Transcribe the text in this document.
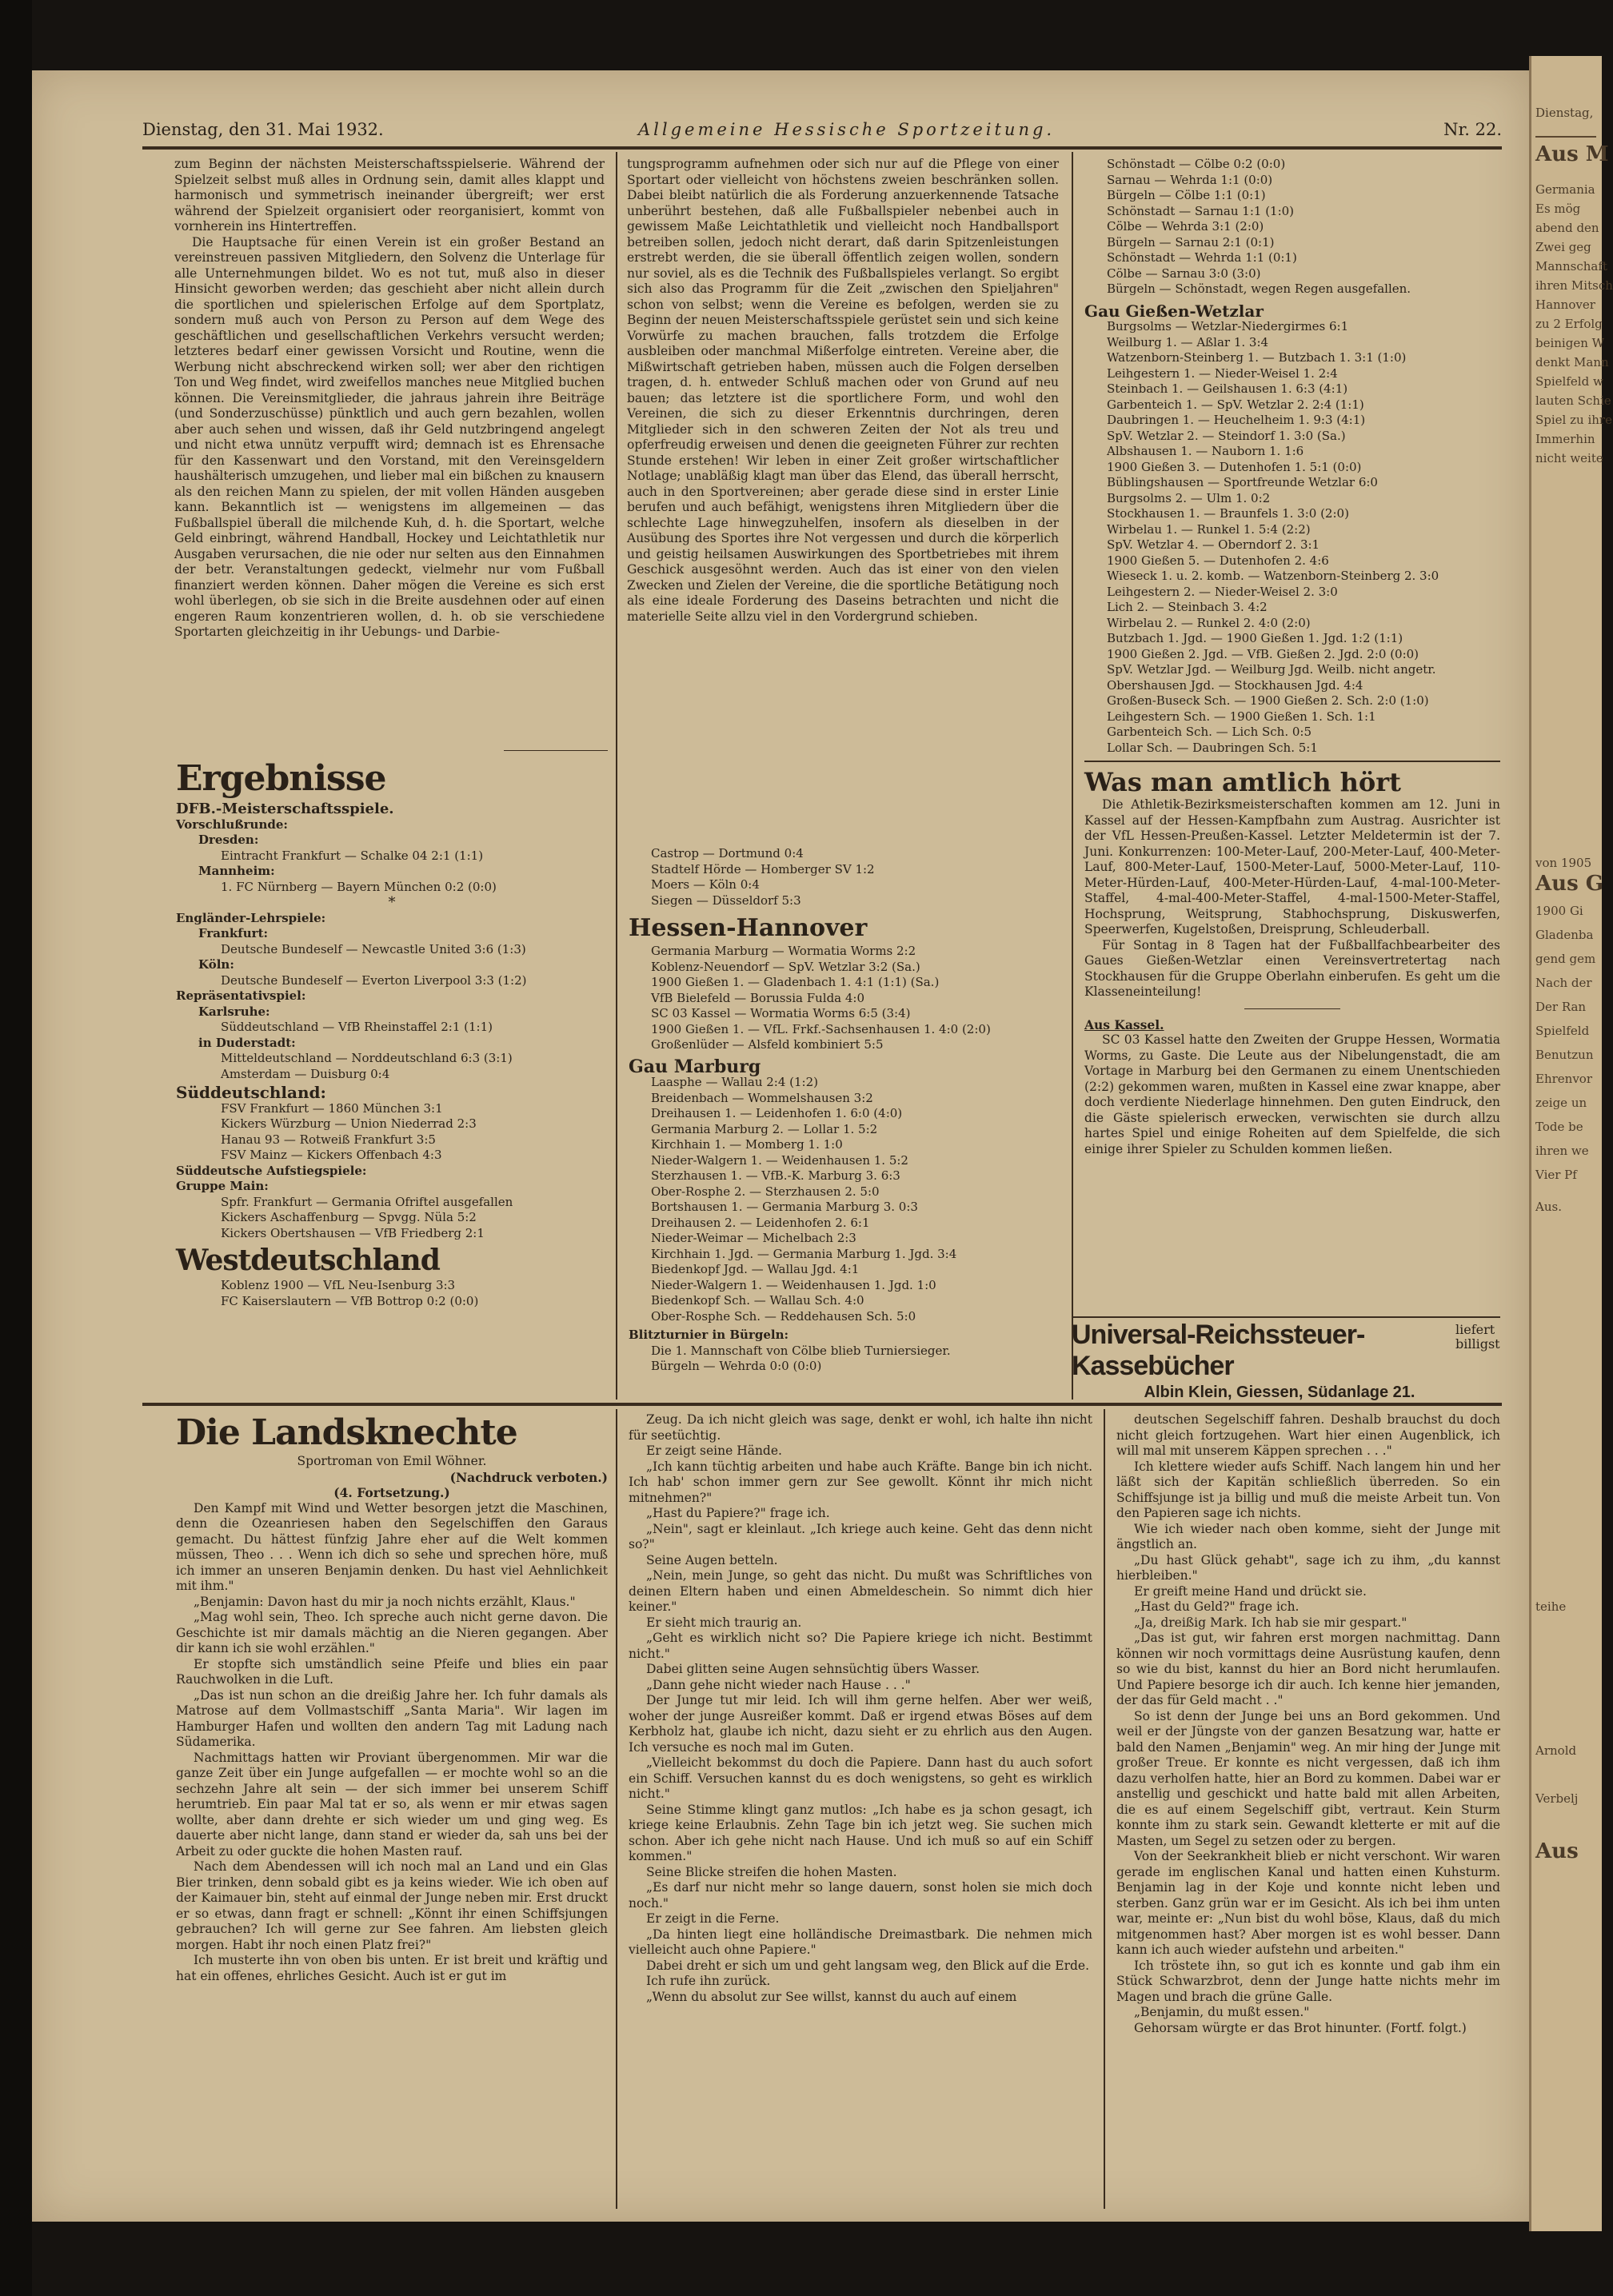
Dienstag,
Aus M
Germania
Es mög
abend den
Zwei geg
Mannschaft
ihren Mitsch
Hannover
zu 2 Erfolg
beinigen W
denkt Mann
Spielfeld w
lauten Schie
Spiel zu ihre
Immerhin
nicht weite
von 1905
Aus G
1900 Gi
Gladenba
gend gem
Nach der
Der Ran
Spielfeld
Benutzun
Ehrenvor
zeige un
Tode be
ihren we
Vier Pf
Aus.
teihe
Arnold
Verbelj
Aus
Dienstag, den 31. Mai 1932.	Allgemeine Hessische Sportzeitung.	Nr. 22.

zum Beginn der nächsten Meisterschaftsspielserie. Während der Spielzeit selbst muß alles in Ordnung sein, damit alles klappt und harmonisch und symmetrisch ineinander übergreift; wer erst während der Spielzeit organisiert oder reorganisiert, kommt von vornherein ins Hintertreffen.

Die Hauptsache für einen Verein ist ein großer Bestand an vereinstreuen passiven Mitgliedern, den Solvenz die Unterlage für alle Unternehmungen bildet. Wo es not tut, muß also in dieser Hinsicht geworben werden; das geschieht aber nicht allein durch die sportlichen und spielerischen Erfolge auf dem Sportplatz, sondern muß auch von Person zu Person auf dem Wege des geschäftlichen und gesellschaftlichen Verkehrs versucht werden; letzteres bedarf einer gewissen Vorsicht und Routine, wenn die Werbung nicht abschreckend wirken soll; wer aber den richtigen Ton und Weg findet, wird zweifellos manches neue Mitglied buchen können. Die Vereinsmitglieder, die jahraus jahrein ihre Beiträge (und Sonderzuschüsse) pünktlich und auch gern bezahlen, wollen aber auch sehen und wissen, daß ihr Geld nutzbringend angelegt und nicht etwa unnütz verpufft wird; demnach ist es Ehrensache für den Kassenwart und den Vorstand, mit den Vereinsgeldern haushälterisch umzugehen, und lieber mal ein bißchen zu knausern als den reichen Mann zu spielen, der mit vollen Händen ausgeben kann. Bekanntlich ist — wenigstens im allgemeinen — das Fußballspiel überall die milchende Kuh, d. h. die Sportart, welche Geld einbringt, während Handball, Hockey und Leichtathletik nur Ausgaben verursachen, die nie oder nur selten aus den Einnahmen der betr. Veranstaltungen gedeckt, vielmehr nur vom Fußball finanziert werden können. Daher mögen die Vereine es sich erst wohl überlegen, ob sie sich in die Breite ausdehnen oder auf einen engeren Raum konzentrieren wollen, d. h. ob sie verschiedene Sportarten gleichzeitig in ihr Uebungs- und Darbie-

tungsprogramm aufnehmen oder sich nur auf die Pflege von einer Sportart oder vielleicht von höchstens zweien beschränken sollen. Dabei bleibt natürlich die als Forderung anzuerkennende Tatsache unberührt bestehen, daß alle Fußballspieler nebenbei auch in gewissem Maße Leichtathletik und vielleicht noch Handballsport betreiben sollen, jedoch nicht derart, daß darin Spitzenleistungen erstrebt werden, die sie überall öffentlich zeigen wollen, sondern nur soviel, als es die Technik des Fußballspieles verlangt. So ergibt sich also das Programm für die Zeit „zwischen den Spieljahren" schon von selbst; wenn die Vereine es befolgen, werden sie zu Beginn der neuen Meisterschaftsspiele gerüstet sein und sich keine Vorwürfe zu machen brauchen, falls trotzdem die Erfolge ausbleiben oder manchmal Mißerfolge eintreten. Vereine aber, die Mißwirtschaft getrieben haben, müssen auch die Folgen derselben tragen, d. h. entweder Schluß machen oder von Grund auf neu bauen; das letztere ist die sportlichere Form, und wohl den Vereinen, die sich zu dieser Erkenntnis durchringen, deren Mitglieder sich in den schweren Zeiten der Not als treu und opferfreudig erweisen und denen die geeigneten Führer zur rechten Stunde erstehen! Wir leben in einer Zeit großer wirtschaftlicher Notlage; unabläßig klagt man über das Elend, das überall herrscht, auch in den Sportvereinen; aber gerade diese sind in erster Linie berufen und auch befähigt, wenigstens ihren Mitgliedern über die schlechte Lage hinwegzuhelfen, insofern als dieselben in der Ausübung des Sportes ihre Not vergessen und durch die körperlich und geistig heilsamen Auswirkungen des Sportbetriebes mit ihrem Geschick ausgesöhnt werden. Auch das ist einer von den vielen Zwecken und Zielen der Vereine, die die sportliche Betätigung noch als eine ideale Forderung des Daseins betrachten und nicht die materielle Seite allzu viel in den Vordergrund schieben.

Ergebnisse
DFB.-Meisterschaftsspiele.
Vorschlußrunde:
Dresden:
Eintracht Frankfurt — Schalke 04 2:1 (1:1)
Mannheim:
1. FC Nürnberg — Bayern München 0:2 (0:0)
*
Engländer-Lehrspiele:
Frankfurt:
Deutsche Bundeself — Newcastle United 3:6 (1:3)
Köln:
Deutsche Bundeself — Everton Liverpool 3:3 (1:2)
Repräsentativspiel:
Karlsruhe:
Süddeutschland — VfB Rheinstaffel 2:1 (1:1)
in Duderstadt:
Mitteldeutschland — Norddeutschland 6:3 (3:1)
Amsterdam — Duisburg 0:4
Süddeutschland:
FSV Frankfurt — 1860 München 3:1
Kickers Würzburg — Union Niederrad 2:3
Hanau 93 — Rotweiß Frankfurt 3:5
FSV Mainz — Kickers Offenbach 4:3
Süddeutsche Aufstiegspiele:
Gruppe Main:
Spfr. Frankfurt — Germania Ofriftel ausgefallen
Kickers Aschaffenburg — Spvgg. Nüla 5:2
Kickers Obertshausen — VfB Friedberg 2:1
Westdeutschland
Koblenz 1900 — VfL Neu-Isenburg 3:3
FC Kaiserslautern — VfB Bottrop 0:2 (0:0)
Castrop — Dortmund 0:4
Stadtelf Hörde — Homberger SV 1:2
Moers — Köln 0:4
Siegen — Düsseldorf 5:3
Hessen-Hannover
Germania Marburg — Wormatia Worms 2:2
Koblenz-Neuendorf — SpV. Wetzlar 3:2 (Sa.)
1900 Gießen 1. — Gladenbach 1. 4:1 (1:1) (Sa.)
VfB Bielefeld — Borussia Fulda 4:0
SC 03 Kassel — Wormatia Worms 6:5 (3:4)
1900 Gießen 1. — VfL. Frkf.-Sachsenhausen 1. 4:0 (2:0)
Großenlüder — Alsfeld kombiniert 5:5
Gau Marburg
Laasphe — Wallau 2:4 (1:2)
Breidenbach — Wommelshausen 3:2
Dreihausen 1. — Leidenhofen 1. 6:0 (4:0)
Germania Marburg 2. — Lollar 1. 5:2
Kirchhain 1. — Momberg 1. 1:0
Nieder-Walgern 1. — Weidenhausen 1. 5:2
Sterzhausen 1. — VfB.-K. Marburg 3. 6:3
Ober-Rosphe 2. — Sterzhausen 2. 5:0
Bortshausen 1. — Germania Marburg 3. 0:3
Dreihausen 2. — Leidenhofen 2. 6:1
Nieder-Weimar — Michelbach 2:3
Kirchhain 1. Jgd. — Germania Marburg 1. Jgd. 3:4
Biedenkopf Jgd. — Wallau Jgd. 4:1
Nieder-Walgern 1. — Weidenhausen 1. Jgd. 1:0
Biedenkopf Sch. — Wallau Sch. 4:0
Ober-Rosphe Sch. — Reddehausen Sch. 5:0
Blitzturnier in Bürgeln:
Die 1. Mannschaft von Cölbe blieb Turniersieger.
Bürgeln — Wehrda 0:0 (0:0)
Schönstadt — Cölbe 0:2 (0:0)
Sarnau — Wehrda 1:1 (0:0)
Bürgeln — Cölbe 1:1 (0:1)
Schönstadt — Sarnau 1:1 (1:0)
Cölbe — Wehrda 3:1 (2:0)
Bürgeln — Sarnau 2:1 (0:1)
Schönstadt — Wehrda 1:1 (0:1)
Cölbe — Sarnau 3:0 (3:0)
Bürgeln — Schönstadt, wegen Regen ausgefallen.
Gau Gießen-Wetzlar
Burgsolms — Wetzlar-Niedergirmes 6:1
Weilburg 1. — Aßlar 1. 3:4
Watzenborn-Steinberg 1. — Butzbach 1. 3:1 (1:0)
Leihgestern 1. — Nieder-Weisel 1. 2:4
Steinbach 1. — Geilshausen 1. 6:3 (4:1)
Garbenteich 1. — SpV. Wetzlar 2. 2:4 (1:1)
Daubringen 1. — Heuchelheim 1. 9:3 (4:1)
SpV. Wetzlar 2. — Steindorf 1. 3:0 (Sa.)
Albshausen 1. — Nauborn 1. 1:6
1900 Gießen 3. — Dutenhofen 1. 5:1 (0:0)
Büblingshausen — Sportfreunde Wetzlar 6:0
Burgsolms 2. — Ulm 1. 0:2
Stockhausen 1. — Braunfels 1. 3:0 (2:0)
Wirbelau 1. — Runkel 1. 5:4 (2:2)
SpV. Wetzlar 4. — Oberndorf 2. 3:1
1900 Gießen 5. — Dutenhofen 2. 4:6
Wieseck 1. u. 2. komb. — Watzenborn-Steinberg 2. 3:0
Leihgestern 2. — Nieder-Weisel 2. 3:0
Lich 2. — Steinbach 3. 4:2
Wirbelau 2. — Runkel 2. 4:0 (2:0)
Butzbach 1. Jgd. — 1900 Gießen 1. Jgd. 1:2 (1:1)
1900 Gießen 2. Jgd. — VfB. Gießen 2. Jgd. 2:0 (0:0)
SpV. Wetzlar Jgd. — Weilburg Jgd. Weilb. nicht angetr.
Obershausen Jgd. — Stockhausen Jgd. 4:4
Großen-Buseck Sch. — 1900 Gießen 2. Sch. 2:0 (1:0)
Leihgestern Sch. — 1900 Gießen 1. Sch. 1:1
Garbenteich Sch. — Lich Sch. 0:5
Lollar Sch. — Daubringen Sch. 5:1
Was man amtlich hört
Die Athletik-Bezirksmeisterschaften kommen am 12. Juni in Kassel auf der Hessen-Kampfbahn zum Austrag. Ausrichter ist der VfL Hessen-Preußen-Kassel. Letzter Meldetermin ist der 7. Juni. Konkurrenzen: 100-Meter-Lauf, 200-Meter-Lauf, 400-Meter-Lauf, 800-Meter-Lauf, 1500-Meter-Lauf, 5000-Meter-Lauf, 110-Meter-Hürden-Lauf, 400-Meter-Hürden-Lauf, 4-mal-100-Meter-Staffel, 4-mal-400-Meter-Staffel, 4-mal-1500-Meter-Staffel, Hochsprung, Weitsprung, Stabhochsprung, Diskuswerfen, Speerwerfen, Kugelstoßen, Dreisprung, Schleuderball.
Für Sontag in 8 Tagen hat der Fußballfachbearbeiter des Gaues Gießen-Wetzlar einen Vereinsvertretertag nach Stockhausen für die Gruppe Oberlahn einberufen. Es geht um die Klasseneinteilung!
Aus Kassel.
SC 03 Kassel hatte den Zweiten der Gruppe Hessen, Wormatia Worms, zu Gaste. Die Leute aus der Nibelungenstadt, die am Vortage in Marburg bei den Germanen zu einem Unentschieden (2:2) gekommen waren, mußten in Kassel eine zwar knappe, aber doch verdiente Niederlage hinnehmen. Den guten Eindruck, den die Gäste spielerisch erwecken, verwischten sie durch allzu hartes Spiel und einige Roheiten auf dem Spielfelde, die sich einige ihrer Spieler zu Schulden kommen ließen.
Universal-Reichssteuer-Kassebücher
liefert billigst
Albin Klein, Giessen, Südanlage 21.
Die Landsknechte
Sportroman von Emil Wöhner.
(Nachdruck verboten.)
(4. Fortsetzung.)

Den Kampf mit Wind und Wetter besorgen jetzt die Maschinen, denn die Ozeanriesen haben den Segelschiffen den Garaus gemacht. Du hättest fünfzig Jahre eher auf die Welt kommen müssen, Theo . . . Wenn ich dich so sehe und sprechen höre, muß ich immer an unseren Benjamin denken. Du hast viel Aehnlichkeit mit ihm."

„Benjamin: Davon hast du mir ja noch nichts erzählt, Klaus."

„Mag wohl sein, Theo. Ich spreche auch nicht gerne davon. Die Geschichte ist mir damals mächtig an die Nieren gegangen. Aber dir kann ich sie wohl erzählen."

Er stopfte sich umständlich seine Pfeife und blies ein paar Rauchwolken in die Luft.

„Das ist nun schon an die dreißig Jahre her. Ich fuhr damals als Matrose auf dem Vollmastschiff „Santa Maria". Wir lagen im Hamburger Hafen und wollten den andern Tag mit Ladung nach Südamerika.

Nachmittags hatten wir Proviant übergenommen. Mir war die ganze Zeit über ein Junge aufgefallen — er mochte wohl so an die sechzehn Jahre alt sein — der sich immer bei unserem Schiff herumtrieb. Ein paar Mal tat er so, als wenn er mir etwas sagen wollte, aber dann drehte er sich wieder um und ging weg. Es dauerte aber nicht lange, dann stand er wieder da, sah uns bei der Arbeit zu oder guckte die hohen Masten rauf.

Nach dem Abendessen will ich noch mal an Land und ein Glas Bier trinken, denn sobald gibt es ja keins wieder. Wie ich oben auf der Kaimauer bin, steht auf einmal der Junge neben mir. Erst druckt er so etwas, dann fragt er schnell: „Könnt ihr einen Schiffsjungen gebrauchen? Ich will gerne zur See fahren. Am liebsten gleich morgen. Habt ihr noch einen Platz frei?"

Ich musterte ihn von oben bis unten. Er ist breit und kräftig und hat ein offenes, ehrliches Gesicht. Auch ist er gut im

Zeug. Da ich nicht gleich was sage, denkt er wohl, ich halte ihn nicht für seetüchtig.

Er zeigt seine Hände.

„Ich kann tüchtig arbeiten und habe auch Kräfte. Bange bin ich nicht. Ich hab' schon immer gern zur See gewollt. Könnt ihr mich nicht mitnehmen?"

„Hast du Papiere?" frage ich.

„Nein", sagt er kleinlaut. „Ich kriege auch keine. Geht das denn nicht so?"

Seine Augen betteln.

„Nein, mein Junge, so geht das nicht. Du mußt was Schriftliches von deinen Eltern haben und einen Abmeldeschein. So nimmt dich hier keiner."

Er sieht mich traurig an.

„Geht es wirklich nicht so? Die Papiere kriege ich nicht. Bestimmt nicht."

Dabei glitten seine Augen sehnsüchtig übers Wasser.

„Dann gehe nicht wieder nach Hause . . ."

Der Junge tut mir leid. Ich will ihm gerne helfen. Aber wer weiß, woher der junge Ausreißer kommt. Daß er irgend etwas Böses auf dem Kerbholz hat, glaube ich nicht, dazu sieht er zu ehrlich aus den Augen. Ich versuche es noch mal im Guten.

„Vielleicht bekommst du doch die Papiere. Dann hast du auch sofort ein Schiff. Versuchen kannst du es doch wenigstens, so geht es wirklich nicht."

Seine Stimme klingt ganz mutlos: „Ich habe es ja schon gesagt, ich kriege keine Erlaubnis. Zehn Tage bin ich jetzt weg. Sie suchen mich schon. Aber ich gehe nicht nach Hause. Und ich muß so auf ein Schiff kommen."

Seine Blicke streifen die hohen Masten.

„Es darf nur nicht mehr so lange dauern, sonst holen sie mich doch noch."

Er zeigt in die Ferne.

„Da hinten liegt eine holländische Dreimastbark. Die nehmen mich vielleicht auch ohne Papiere."

Dabei dreht er sich um und geht langsam weg, den Blick auf die Erde.

Ich rufe ihn zurück.

„Wenn du absolut zur See willst, kannst du auch auf einem

deutschen Segelschiff fahren. Deshalb brauchst du doch nicht gleich fortzugehen. Wart hier einen Augenblick, ich will mal mit unserem Käppen sprechen . . ."

Ich klettere wieder aufs Schiff. Nach langem hin und her läßt sich der Kapitän schließlich überreden. So ein Schiffsjunge ist ja billig und muß die meiste Arbeit tun. Von den Papieren sage ich nichts.

Wie ich wieder nach oben komme, sieht der Junge mit ängstlich an.

„Du hast Glück gehabt", sage ich zu ihm, „du kannst hierbleiben."

Er greift meine Hand und drückt sie.

„Hast du Geld?" frage ich.

„Ja, dreißig Mark. Ich hab sie mir gespart."

„Das ist gut, wir fahren erst morgen nachmittag. Dann können wir noch vormittags deine Ausrüstung kaufen, denn so wie du bist, kannst du hier an Bord nicht herumlaufen. Und Papiere besorge ich dir auch. Ich kenne hier jemanden, der das für Geld macht . ."

So ist denn der Junge bei uns an Bord gekommen. Und weil er der Jüngste von der ganzen Besatzung war, hatte er bald den Namen „Benjamin" weg. An mir hing der Junge mit großer Treue. Er konnte es nicht vergessen, daß ich ihm dazu verholfen hatte, hier an Bord zu kommen. Dabei war er anstellig und geschickt und hatte bald mit allen Arbeiten, die es auf einem Segelschiff gibt, vertraut. Kein Sturm konnte ihm zu stark sein. Gewandt kletterte er mit auf die Masten, um Segel zu setzen oder zu bergen.

Von der Seekrankheit blieb er nicht verschont. Wir waren gerade im englischen Kanal und hatten einen Kuhsturm. Benjamin lag in der Koje und konnte nicht leben und sterben. Ganz grün war er im Gesicht. Als ich bei ihm unten war, meinte er: „Nun bist du wohl böse, Klaus, daß du mich mitgenommen hast? Aber morgen ist es wohl besser. Dann kann ich auch wieder aufstehn und arbeiten."

Ich tröstete ihn, so gut ich es konnte und gab ihm ein Stück Schwarzbrot, denn der Junge hatte nichts mehr im Magen und brach die grüne Galle.

„Benjamin, du mußt essen."

Gehorsam würgte er das Brot hinunter. (Fortf. folgt.)
